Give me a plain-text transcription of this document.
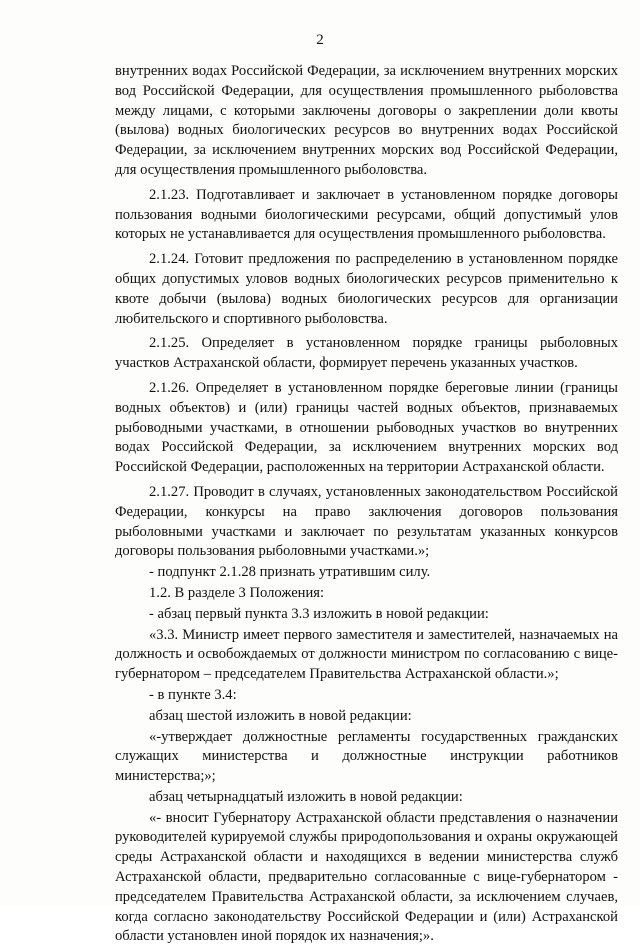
2

внутренних водах Российской Федерации, за исключением внутренних морских вод Российской Федерации, для осуществления промышленного рыболовства между лицами, с которыми заключены договоры о закреплении доли квоты (вылова) водных биологических ресурсов во внутренних водах Российской Федерации, за исключением внутренних морских вод Российской Федерации, для осуществления промышленного рыболовства.

2.1.23. Подготавливает и заключает в установленном порядке договоры пользования водными биологическими ресурсами, общий допустимый улов которых не устанавливается для осуществления промышленного рыболовства.

2.1.24. Готовит предложения по распределению в установленном порядке общих допустимых уловов водных биологических ресурсов применительно к квоте добычи (вылова) водных биологических ресурсов для организации любительского и спортивного рыболовства.

2.1.25. Определяет в установленном порядке границы рыболовных участков Астраханской области, формирует перечень указанных участков.

2.1.26. Определяет в установленном порядке береговые линии (границы водных объектов) и (или) границы частей водных объектов, признаваемых рыбоводными участками, в отношении рыбоводных участков во внутренних водах Российской Федерации, за исключением внутренних морских вод Российской Федерации, расположенных на территории Астраханской области.

2.1.27. Проводит в случаях, установленных законодательством Российской Федерации, конкурсы на право заключения договоров пользования рыболовными участками и заключает по результатам указанных конкурсов договоры пользования рыболовными участками.»;

- подпункт 2.1.28 признать утратившим силу.

1.2. В разделе 3 Положения:

- абзац первый пункта 3.3 изложить в новой редакции:

«3.3. Министр имеет первого заместителя и заместителей, назначаемых на должность и освобождаемых от должности министром по согласованию с вице-губернатором – председателем Правительства Астраханской области.»;

- в пункте 3.4:

абзац шестой изложить в новой редакции:

«-утверждает должностные регламенты государственных гражданских служащих министерства и должностные инструкции работников министерства;»;

абзац четырнадцатый изложить в новой редакции:

«- вносит Губернатору Астраханской области представления о назначении руководителей курируемой службы природопользования и охраны окружающей среды Астраханской области и находящихся в ведении министерства служб Астраханской области, предварительно согласованные с вице-губернатором - председателем Правительства Астраханской области, за исключением случаев, когда согласно законодательству Российской Федерации и (или) Астраханской области установлен иной порядок их назначения;».
